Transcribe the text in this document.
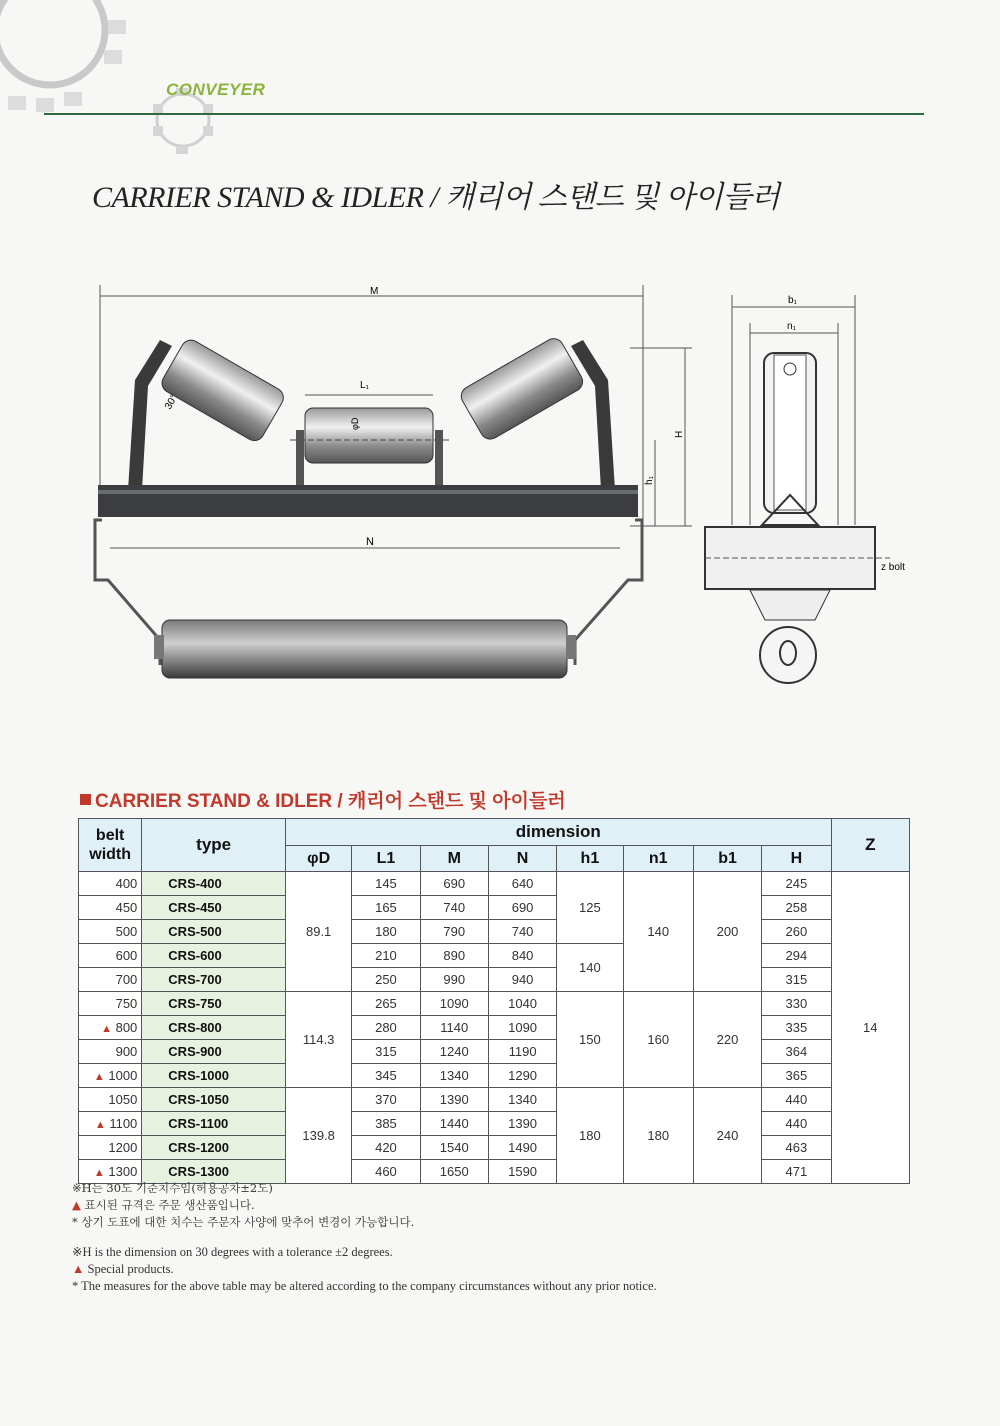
CONVEYER
CARRIER STAND & IDLER / 캐리어 스탠드 및 아이들러
M
L₁
φD
30°
H
h₁
N
b₁
n₁
z bolt
CARRIER STAND & IDLER / 캐리어 스탠드 및 아이들러
belt width	type	dimension								Z
		φD	L1	M	N	h1	n1	b1	H	
400	CRS-400	89.1	145	690	640	125	140	200	245	14
450	CRS-450		165	740	690				258	
500	CRS-500		180	790	740				260	
600	CRS-600		210	890	840	140			294	
700	CRS-700		250	990	940				315	
750	CRS-750	114.3	265	1090	1040	150	160	220	330	
▲ 800	CRS-800		280	1140	1090				335	
900	CRS-900		315	1240	1190				364	
▲ 1000	CRS-1000		345	1340	1290				365	
1050	CRS-1050	139.8	370	1390	1340	180	180	240	440	
▲ 1100	CRS-1100		385	1440	1390				440	
1200	CRS-1200		420	1540	1490				463	
▲ 1300	CRS-1300		460	1650	1590				471	
※H는 30도 기준치수임(허용공차±2도)
▲ 표시된 규격은 주문 생산품입니다.
* 상기 도표에 대한 치수는 주문자 사양에 맞추어 변경이 가능합니다.
※H is the dimension on 30 degrees with a tolerance ±2 degrees.
▲ Special products.
* The measures for the above table may be altered according to the company circumstances without any prior notice.
